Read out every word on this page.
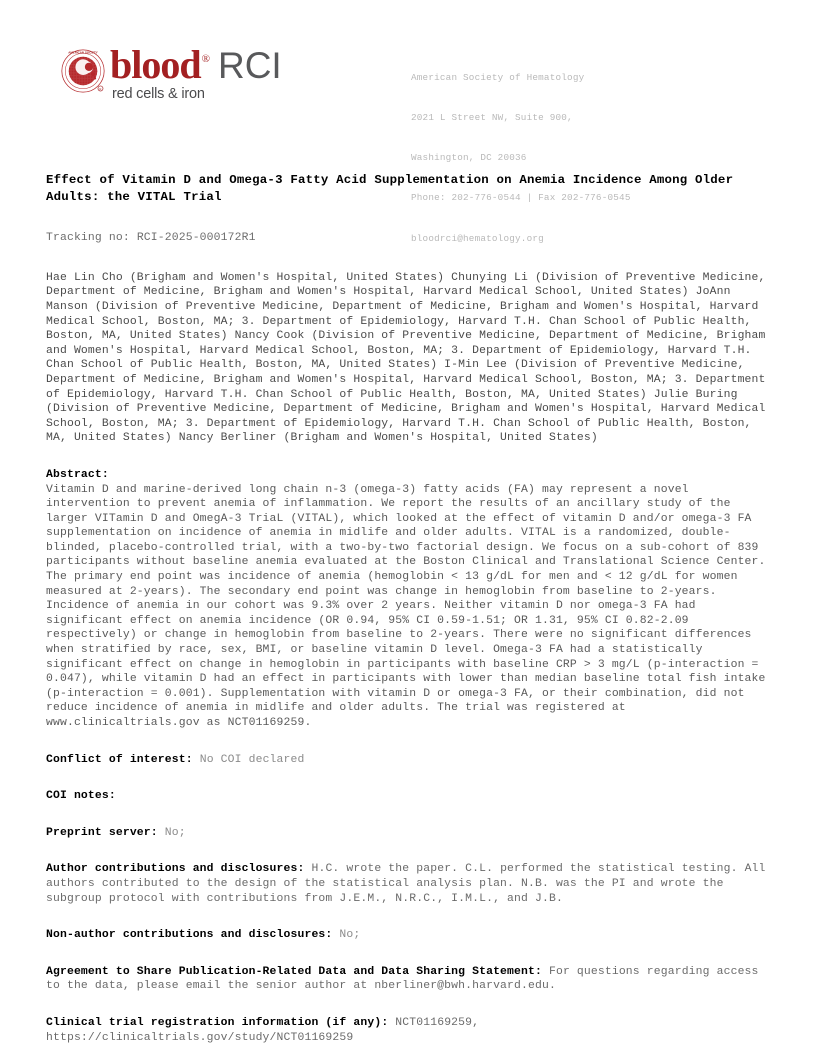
AMERICAN SOCIETY
R
blood ® RCI
red cells & iron

American Society of Hematology

2021 L Street NW, Suite 900,

Washington, DC 20036

Phone: 202-776-0544 | Fax 202-776-0545

bloodrci@hematology.org

Effect of Vitamin D and Omega-3 Fatty Acid Supplementation on Anemia Incidence Among Older Adults: the VITAL Trial
Tracking no: RCI-2025-000172R1
Hae Lin Cho (Brigham and Women's Hospital, United States) Chunying Li (Division of Preventive Medicine, Department of Medicine, Brigham and Women's Hospital, Harvard Medical School, United States) JoAnn Manson (Division of Preventive Medicine, Department of Medicine, Brigham and Women's Hospital, Harvard Medical School, Boston, MA; 3. Department of Epidemiology, Harvard T.H. Chan School of Public Health, Boston, MA, United States) Nancy Cook (Division of Preventive Medicine, Department of Medicine, Brigham and Women's Hospital, Harvard Medical School, Boston, MA; 3. Department of Epidemiology, Harvard T.H. Chan School of Public Health, Boston, MA, United States) I-Min Lee (Division of Preventive Medicine, Department of Medicine, Brigham and Women's Hospital, Harvard Medical School, Boston, MA; 3. Department of Epidemiology, Harvard T.H. Chan School of Public Health, Boston, MA, United States) Julie Buring (Division of Preventive Medicine, Department of Medicine, Brigham and Women's Hospital, Harvard Medical School, Boston, MA; 3. Department of Epidemiology, Harvard T.H. Chan School of Public Health, Boston, MA, United States) Nancy Berliner (Brigham and Women's Hospital, United States)
Abstract:
Vitamin D and marine-derived long chain n-3 (omega-3) fatty acids (FA) may represent a novel intervention to prevent anemia of inflammation. We report the results of an ancillary study of the larger VITamin D and OmegA-3 TriaL (VITAL), which looked at the effect of vitamin D and/or omega-3 FA supplementation on incidence of anemia in midlife and older adults. VITAL is a randomized, double-blinded, placebo-controlled trial, with a two-by-two factorial design. We focus on a sub-cohort of 839 participants without baseline anemia evaluated at the Boston Clinical and Translational Science Center. The primary end point was incidence of anemia (hemoglobin < 13 g/dL for men and < 12 g/dL for women measured at 2-years). The secondary end point was change in hemoglobin from baseline to 2-years. Incidence of anemia in our cohort was 9.3% over 2 years. Neither vitamin D nor omega-3 FA had significant effect on anemia incidence (OR 0.94, 95% CI 0.59-1.51; OR 1.31, 95% CI 0.82-2.09 respectively) or change in hemoglobin from baseline to 2-years. There were no significant differences when stratified by race, sex, BMI, or baseline vitamin D level. Omega-3 FA had a statistically significant effect on change in hemoglobin in participants with baseline CRP > 3 mg/L (p-interaction = 0.047), while vitamin D had an effect in participants with lower than median baseline total fish intake (p-interaction = 0.001). Supplementation with vitamin D or omega-3 FA, or their combination, did not reduce incidence of anemia in midlife and older adults. The trial was registered at www.clinicaltrials.gov as NCT01169259.
Conflict of interest: No COI declared
COI notes:
Preprint server: No;
Author contributions and disclosures: H.C. wrote the paper. C.L. performed the statistical testing. All authors contributed to the design of the statistical analysis plan. N.B. was the PI and wrote the subgroup protocol with contributions from J.E.M., N.R.C., I.M.L., and J.B.
Non-author contributions and disclosures: No;
Agreement to Share Publication-Related Data and Data Sharing Statement: For questions regarding access to the data, please email the senior author at nberliner@bwh.harvard.edu.
Clinical trial registration information (if any): NCT01169259, https://clinicaltrials.gov/study/NCT01169259
